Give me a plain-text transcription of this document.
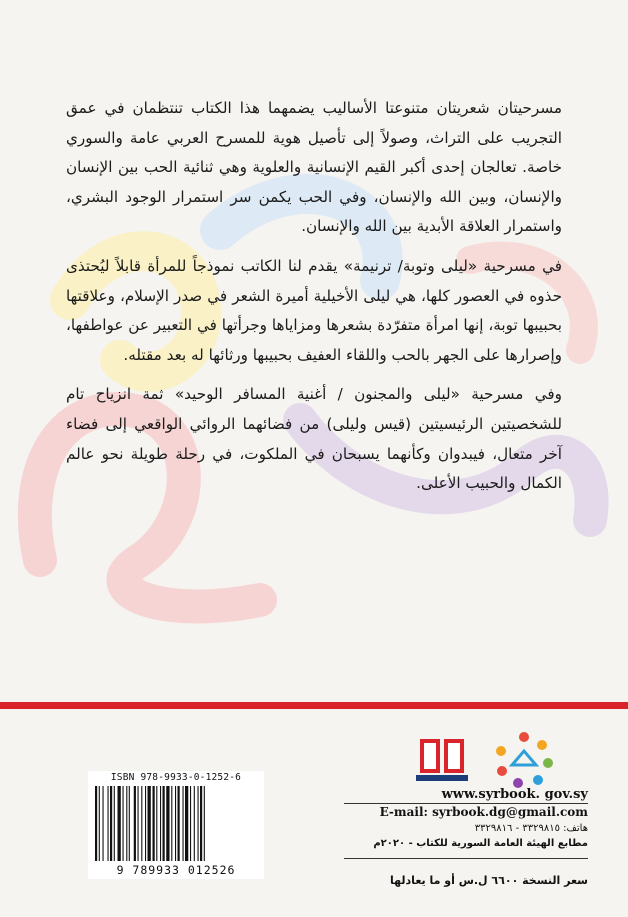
مسرحيتان شعريتان متنوعتا الأساليب يضمهما هذا الكتاب تنتظمان في عمق التجريب على التراث، وصولاً إلى تأصيل هوية للمسرح العربي عامة والسوري خاصة. تعالجان إحدى أكبر القيم الإنسانية والعلوية وهي ثنائية الحب بين الإنسان والإنسان، وبين الله والإنسان، وفي الحب يكمن سر استمرار الوجود البشري، واستمرار العلاقة الأبدية بين الله والإنسان.

في مسرحية «ليلى وتوبة/ ترنيمة» يقدم لنا الكاتب نموذجاً للمرأة قابلاً ليُحتذى حذوه في العصور كلها، هي ليلى الأخيلية أميرة الشعر في صدر الإسلام، وعلاقتها بحبيبها توبة، إنها امرأة متفرّدة بشعرها ومزاياها وجرأتها في التعبير عن عواطفها، وإصرارها على الجهر بالحب واللقاء العفيف بحبيبها ورثائها له بعد مقتله.

وفي مسرحية «ليلى والمجنون / أغنية المسافر الوحيد» ثمة انزياح تام للشخصيتين الرئيسيتين (قيس وليلى) من فضائهما الروائي الواقعي إلى فضاء آخر متعال، فيبدوان وكأنهما يسبحان في الملكوت، في رحلة طويلة نحو عالم الكمال والحبيب الأعلى.

www.syrbook. gov.sy
E-mail: syrbook.dg@gmail.com
هاتف: ٣٣٢٩٨١٥ - ٣٣٢٩٨١٦
مطابع الهيئة العامة السورية للكتاب - ٢٠٢٠م
سعر النسخة ٦٦٠٠ ل.س أو ما يعادلها
ISBN 978-9933-0-1252-6
9 789933 012526
